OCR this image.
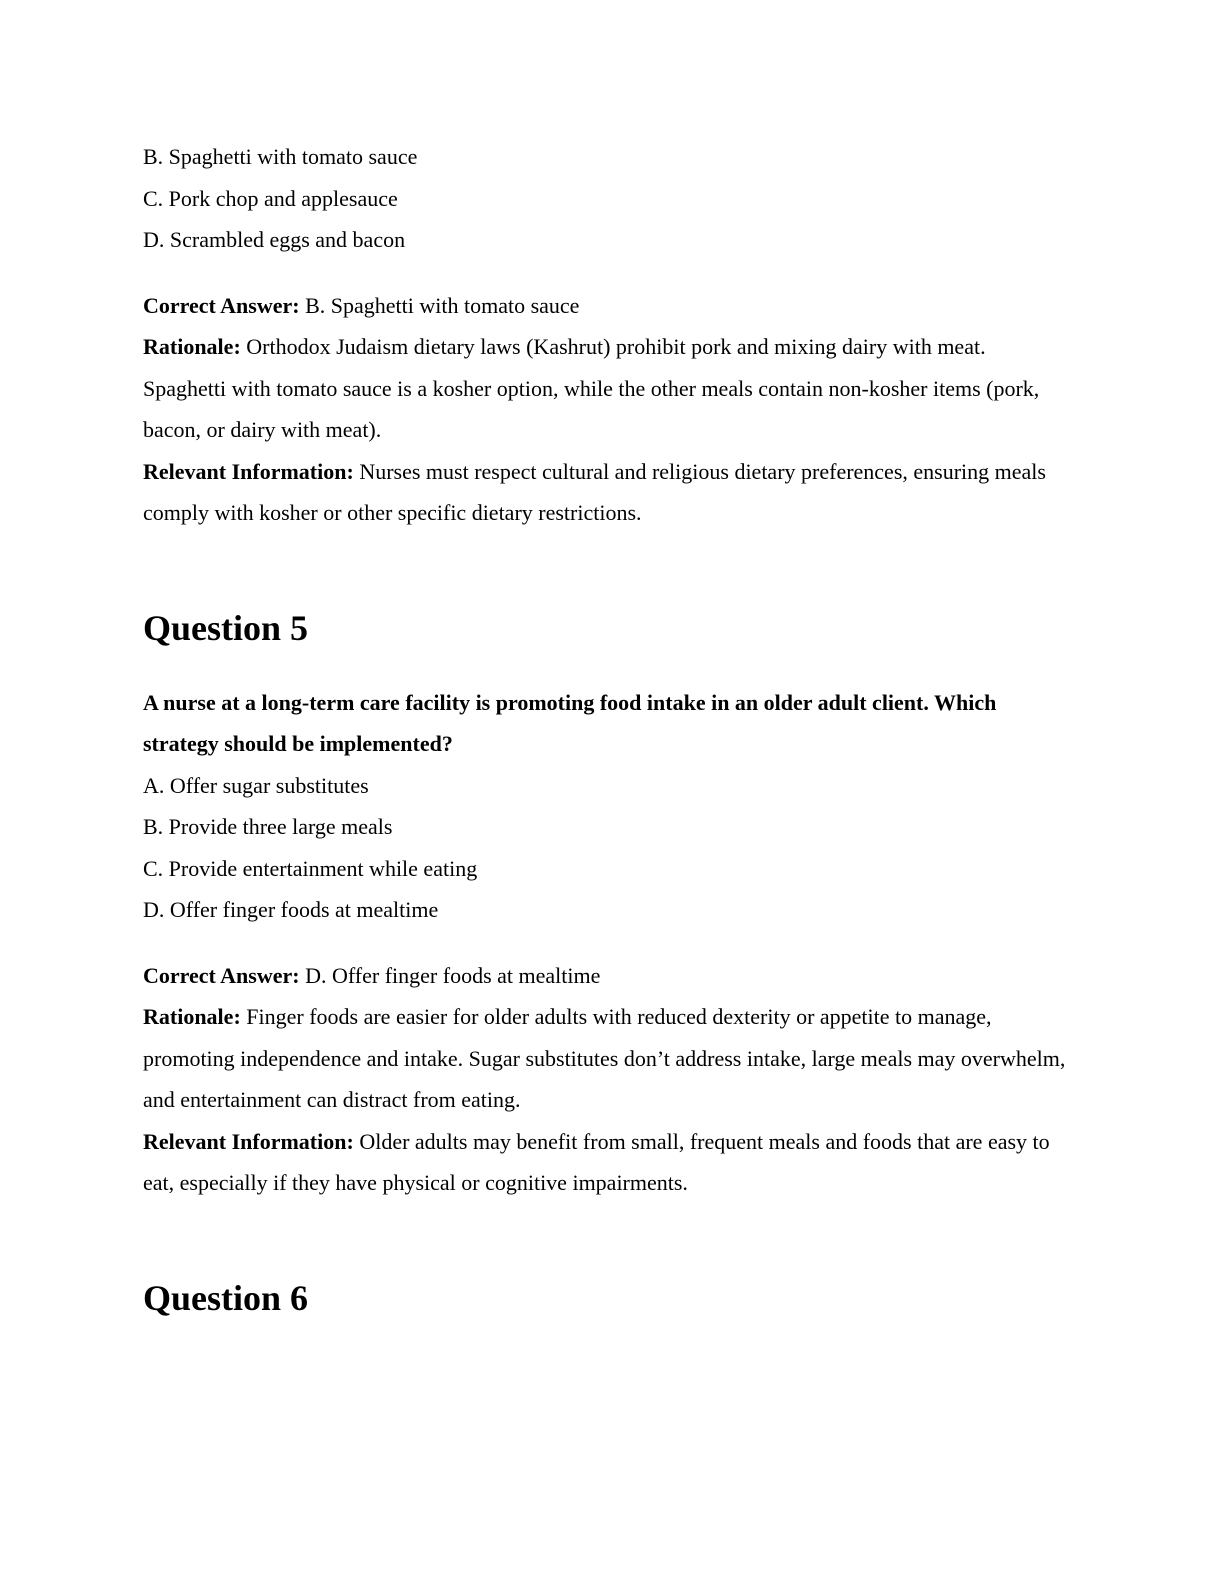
B. Spaghetti with tomato sauce

C. Pork chop and applesauce

D. Scrambled eggs and bacon

Correct Answer: B. Spaghetti with tomato sauce

Rationale: Orthodox Judaism dietary laws (Kashrut) prohibit pork and mixing dairy with meat. Spaghetti with tomato sauce is a kosher option, while the other meals contain non-kosher items (pork, bacon, or dairy with meat).

Relevant Information: Nurses must respect cultural and religious dietary preferences, ensuring meals comply with kosher or other specific dietary restrictions.

Question 5

A nurse at a long-term care facility is promoting food intake in an older adult client. Which strategy should be implemented?

A. Offer sugar substitutes

B. Provide three large meals

C. Provide entertainment while eating

D. Offer finger foods at mealtime

Correct Answer: D. Offer finger foods at mealtime

Rationale: Finger foods are easier for older adults with reduced dexterity or appetite to manage, promoting independence and intake. Sugar substitutes don’t address intake, large meals may overwhelm, and entertainment can distract from eating.

Relevant Information: Older adults may benefit from small, frequent meals and foods that are easy to eat, especially if they have physical or cognitive impairments.

Question 6
